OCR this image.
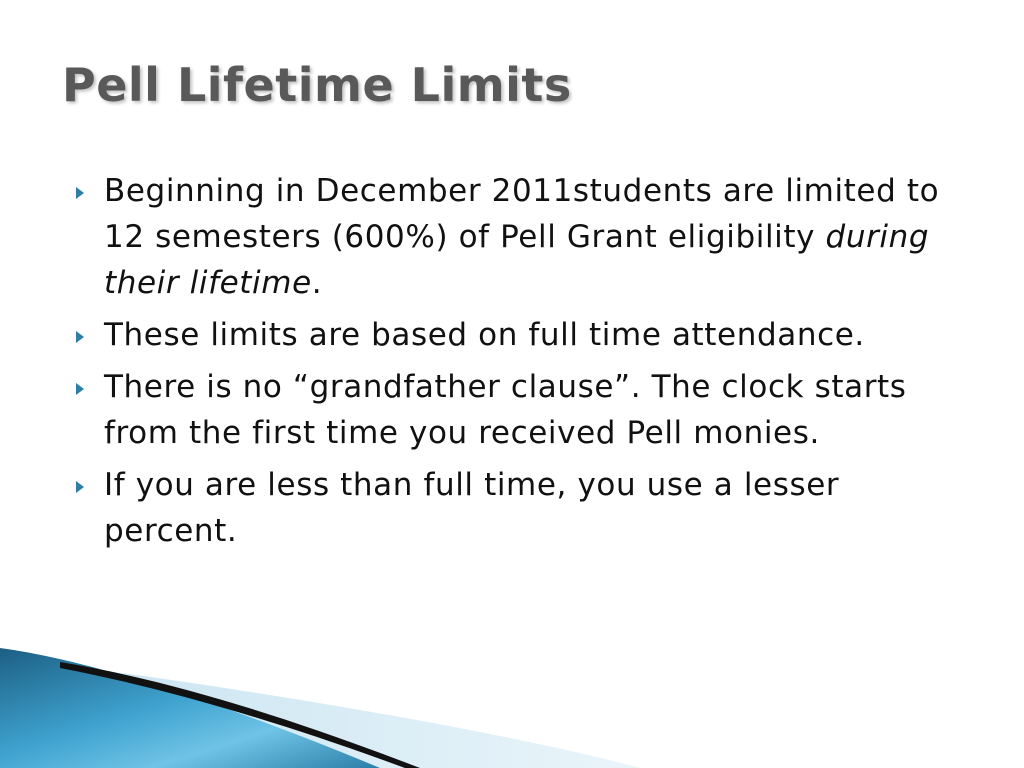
Pell Lifetime Limits
Beginning in December 2011students are limited to 12 semesters (600%) of Pell Grant eligibility during their lifetime.
These limits are based on full time attendance.
There is no “grandfather clause”. The clock starts from the first time you received Pell monies.
If you are less than full time, you use a lesser percent.
